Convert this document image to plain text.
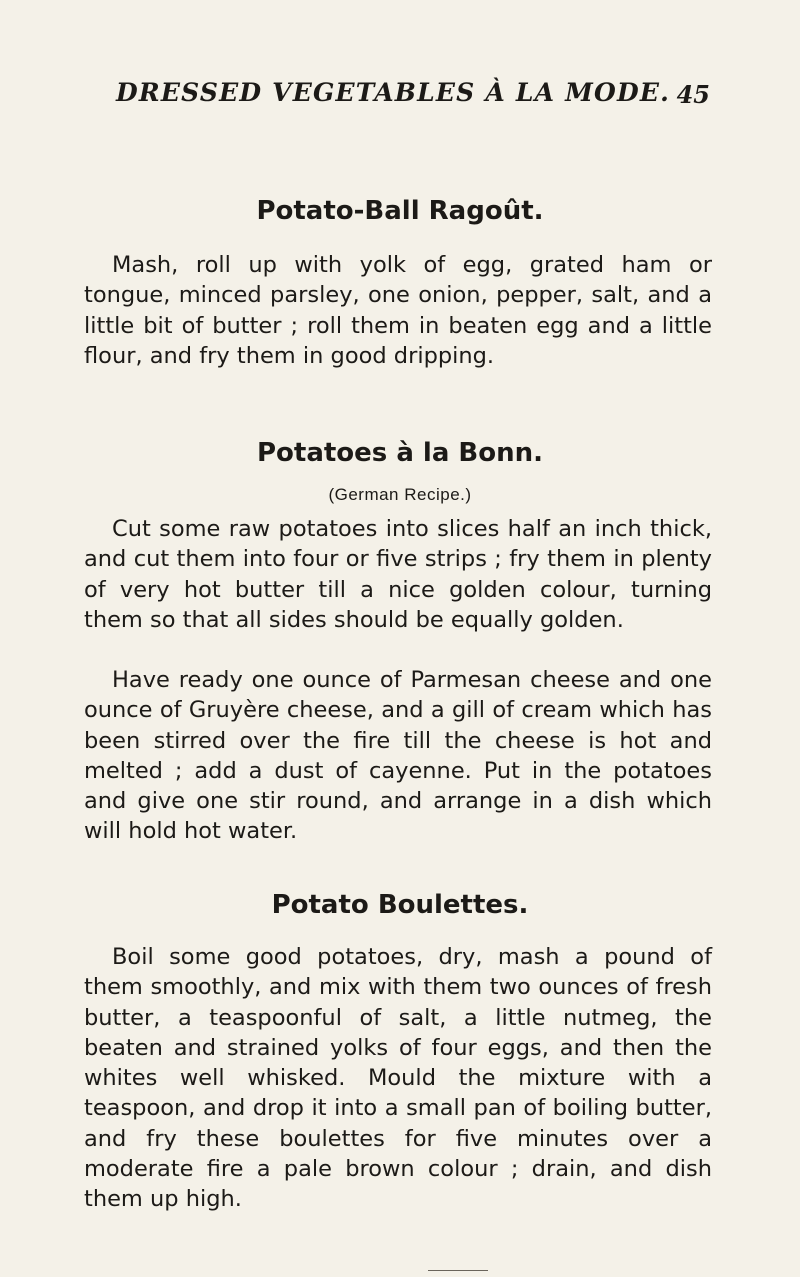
DRESSED VEGETABLES À LA MODE. 45
Potato-Ball Ragoût.

Mash, roll up with yolk of egg, grated ham or tongue, minced parsley, one onion, pepper, salt, and a little bit of butter ; roll them in beaten egg and a little flour, and fry them in good dripping.

Potatoes à la Bonn.
(German Recipe.)

Cut some raw potatoes into slices half an inch thick, and cut them into four or five strips ; fry them in plenty of very hot butter till a nice golden colour, turning them so that all sides should be equally golden.

Have ready one ounce of Parmesan cheese and one ounce of Gruyère cheese, and a gill of cream which has been stirred over the fire till the cheese is hot and melted ; add a dust of cayenne. Put in the potatoes and give one stir round, and arrange in a dish which will hold hot water.

Potato Boulettes.

Boil some good potatoes, dry, mash a pound of them smoothly, and mix with them two ounces of fresh butter, a teaspoonful of salt, a little nutmeg, the beaten and strained yolks of four eggs, and then the whites well whisked. Mould the mixture with a teaspoon, and drop it into a small pan of boiling butter, and fry these boulettes for five minutes over a moderate fire a pale brown colour ; drain, and dish them up high.
